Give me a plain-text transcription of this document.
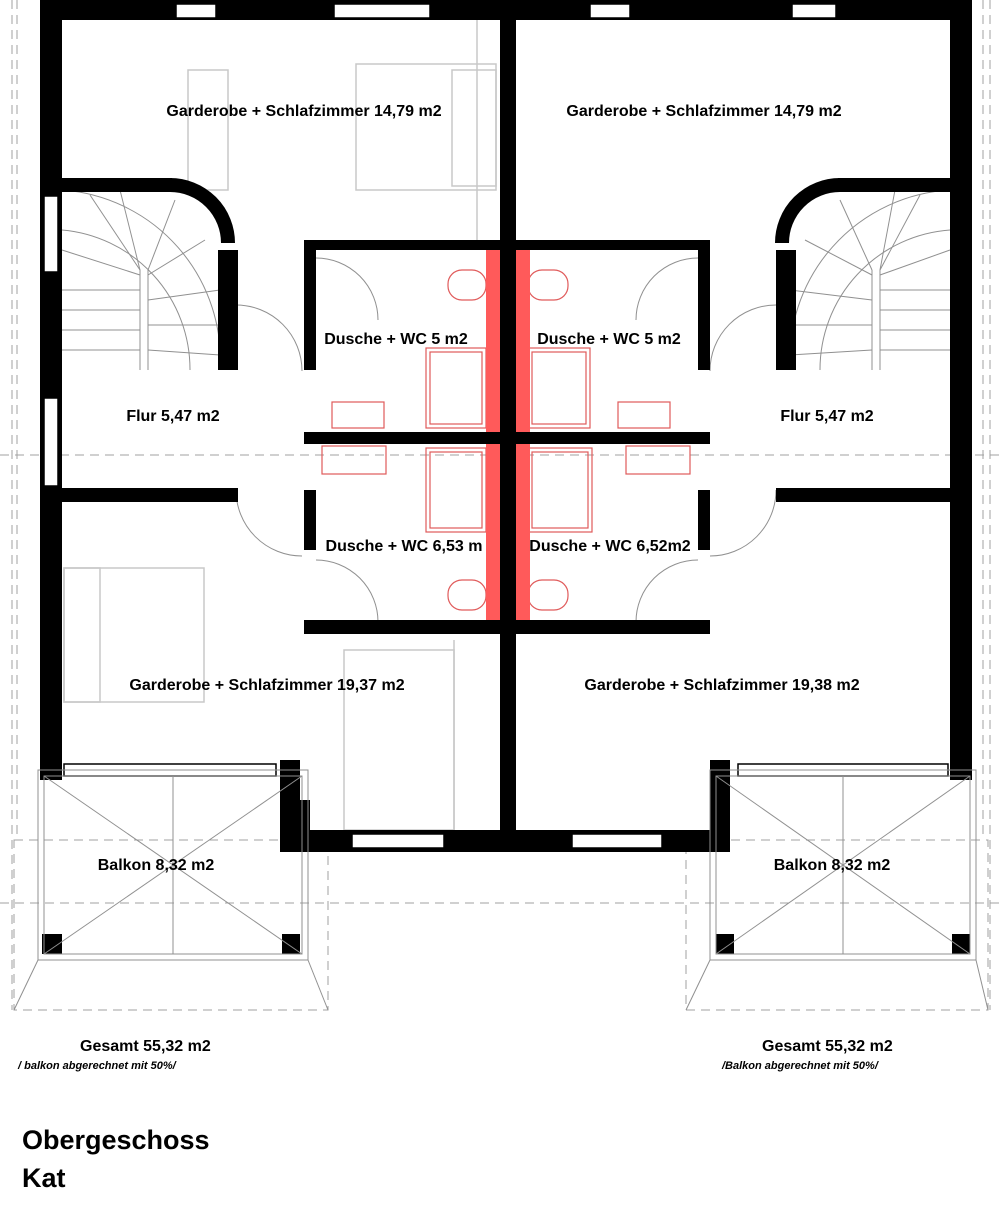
Garderobe + Schlafzimmer 14,79 m2	Garderobe + Schlafzimmer 14,79 m2
Dusche + WC 5 m2	Dusche + WC 5 m2
Flur 5,47 m2	Flur 5,47 m2
Dusche + WC 6,53 m	Dusche + WC 6,52m2
Garderobe + Schlafzimmer 19,37 m2	Garderobe + Schlafzimmer 19,38 m2
Balkon 8,32 m2	Balkon 8,32 m2
Gesamt 55,32 m2
/ balkon abgerechnet mit 50%/
Gesamt 55,32 m2
/Balkon abgerechnet mit 50%/
Obergeschoss
Kat
